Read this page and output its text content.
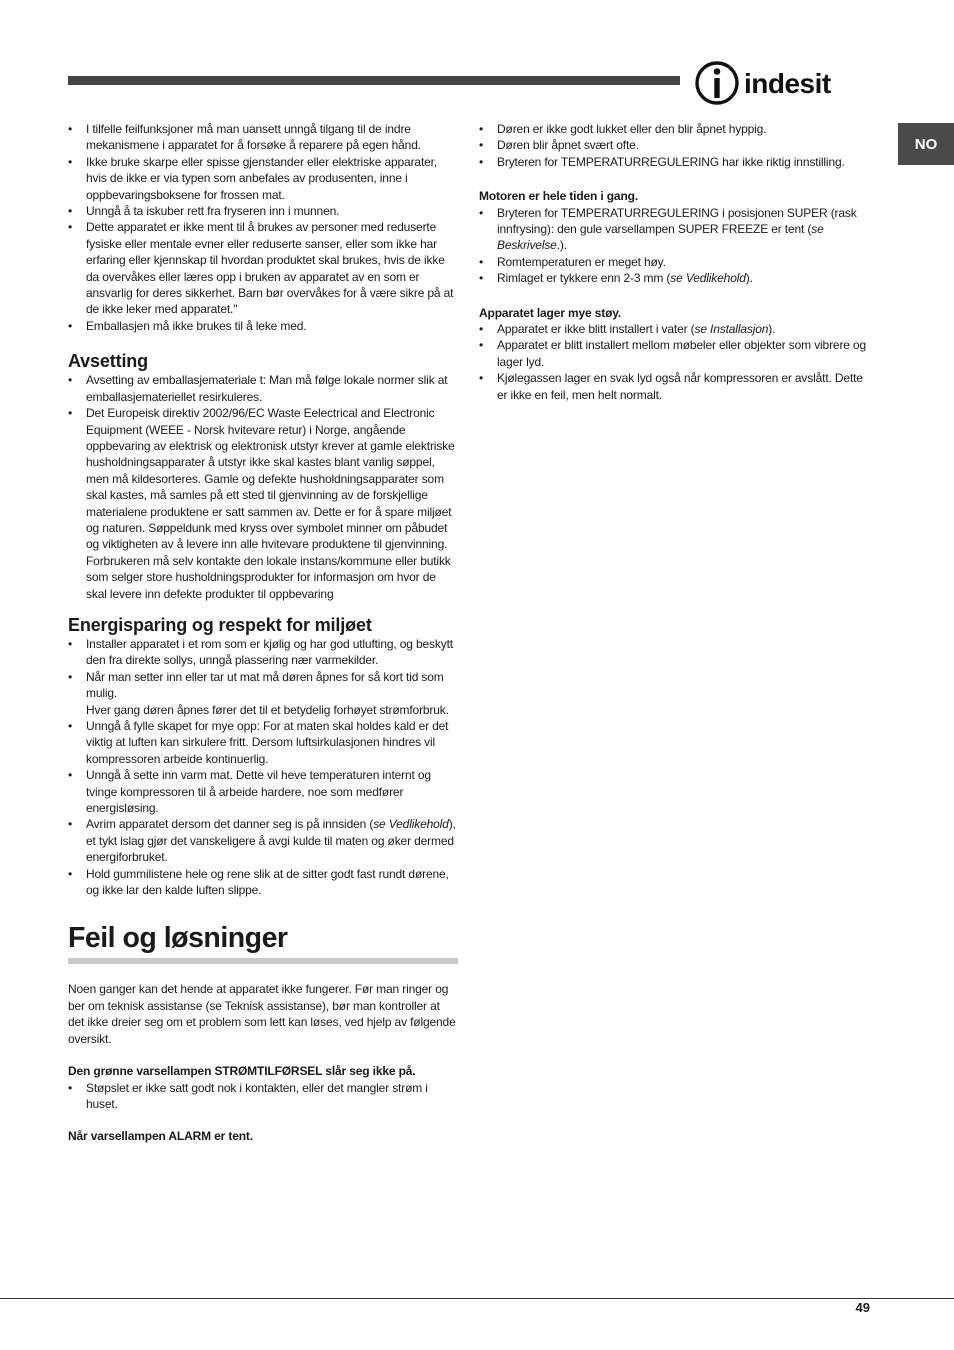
indesit
NO
• I tilfelle feilfunksjoner må man uansett unngå tilgang til de indre mekanismene i apparatet for å forsøke å reparere på egen hånd.
• Ikke bruke skarpe eller spisse gjenstander eller elektriske apparater, hvis de ikke er via typen som anbefales av produsenten, inne i oppbevaringsboksene for frossen mat.
• Unngå å ta iskuber rett fra fryseren inn i munnen.
• Dette apparatet er ikke ment til å brukes av personer med reduserte fysiske eller mentale evner eller reduserte sanser, eller som ikke har erfaring eller kjennskap til hvordan produktet skal brukes, hvis de ikke da overvåkes eller læres opp i bruken av apparatet av en som er ansvarlig for deres sikkerhet. Barn bør overvåkes for å være sikre på at de ikke leker med apparatet."
• Emballasjen må ikke brukes til å leke med.
Avsetting
• Avsetting av emballasjemateriale t: Man må følge lokale normer slik at emballasjemateriellet resirkuleres.
• Det Europeisk direktiv 2002/96/EC Waste Eelectrical and Electronic Equipment (WEEE - Norsk hvitevare retur) i Norge, angående oppbevaring av elektrisk og elektronisk utstyr krever at gamle elektriske husholdningsapparater å utstyr ikke skal kastes blant vanlig søppel, men må kildesorteres. Gamle og defekte husholdningsapparater som skal kastes, må samles på ett sted til gjenvinning av de forskjellige materialene produktene er satt sammen av. Dette er for å spare miljøet og naturen. Søppeldunk med kryss over symbolet minner om påbudet og viktigheten av å levere inn alle hvitevare produktene til gjenvinning.
Forbrukeren må selv kontakte den lokale instans/kommune eller butikk som selger store husholdningsprodukter for informasjon om hvor de skal levere inn defekte produkter til oppbevaring
Energisparing og respekt for miljøet
• Installer apparatet i et rom som er kjølig og har god utlufting, og beskytt den fra direkte sollys, unngå plassering nær varmekilder.
• Når man setter inn eller tar ut mat må døren åpnes for så kort tid som mulig.
Hver gang døren åpnes fører det til et betydelig forhøyet strømforbruk.
• Unngå å fylle skapet for mye opp: For at maten skal holdes kald er det viktig at luften kan sirkulere fritt. Dersom luftsirkulasjonen hindres vil kompressoren arbeide kontinuerlig.
• Unngå å sette inn varm mat. Dette vil heve temperaturen internt og tvinge kompressoren til å arbeide hardere, noe som medfører energisløsing.
• Avrim apparatet dersom det danner seg is på innsiden (se Vedlikehold), et tykt islag gjør det vanskeligere å avgi kulde til maten og øker dermed energiforbruket.
• Hold gummilistene hele og rene slik at de sitter godt fast rundt dørene, og ikke lar den kalde luften slippe.
Feil og løsninger
Noen ganger kan det hende at apparatet ikke fungerer. Før man ringer og ber om teknisk assistanse (se Teknisk assistanse), bør man kontroller at det ikke dreier seg om et problem som lett kan løses, ved hjelp av følgende oversikt.
Den grønne varsellampen STRØMTILFØRSEL slår seg ikke på.
• Støpslet er ikke satt godt nok i kontakten, eller det mangler strøm i huset.
Når varsellampen ALARM er tent.
• Døren er ikke godt lukket eller den blir åpnet hyppig.
• Døren blir åpnet svært ofte.
• Bryteren for TEMPERATURREGULERING har ikke riktig innstilling.
Motoren er hele tiden i gang.
• Bryteren for TEMPERATURREGULERING i posisjonen SUPER (rask innfrysing): den gule varsellampen SUPER FREEZE er tent (se Beskrivelse.).
• Romtemperaturen er meget høy.
• Rimlaget er tykkere enn 2-3 mm (se Vedlikehold).
Apparatet lager mye støy.
• Apparatet er ikke blitt installert i vater (se Installasjon).
• Apparatet er blitt installert mellom møbeler eller objekter som vibrere og lager lyd.
• Kjølegassen lager en svak lyd også når kompressoren er avslått. Dette er ikke en feil, men helt normalt.
49
